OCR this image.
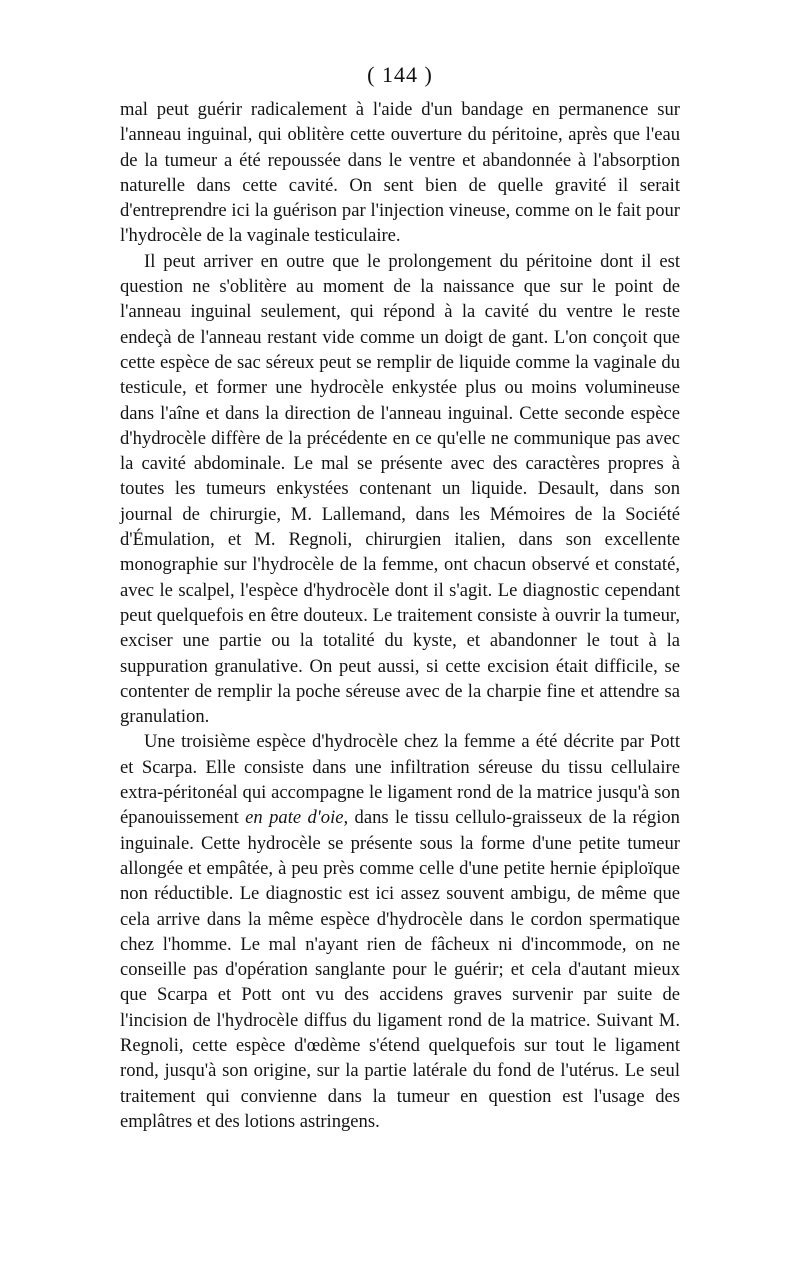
( 144 )

mal peut guérir radicalement à l'aide d'un bandage en permanence sur l'anneau inguinal, qui oblitère cette ouverture du péritoine, après que l'eau de la tumeur a été repoussée dans le ventre et abandonnée à l'absorption naturelle dans cette cavité. On sent bien de quelle gravité il serait d'entreprendre ici la guérison par l'injection vineuse, comme on le fait pour l'hydrocèle de la vaginale testiculaire.

Il peut arriver en outre que le prolongement du péritoine dont il est question ne s'oblitère au moment de la naissance que sur le point de l'anneau inguinal seulement, qui répond à la cavité du ventre le reste endeçà de l'anneau restant vide comme un doigt de gant. L'on conçoit que cette espèce de sac séreux peut se remplir de liquide comme la vaginale du testicule, et former une hydrocèle enkystée plus ou moins volumineuse dans l'aîne et dans la direction de l'anneau inguinal. Cette seconde espèce d'hydrocèle diffère de la précédente en ce qu'elle ne communique pas avec la cavité abdominale. Le mal se présente avec des caractères propres à toutes les tumeurs enkystées contenant un liquide. Desault, dans son journal de chirurgie, M. Lallemand, dans les Mémoires de la Société d'Émulation, et M. Regnoli, chirurgien italien, dans son excellente monographie sur l'hydrocèle de la femme, ont chacun observé et constaté, avec le scalpel, l'espèce d'hydrocèle dont il s'agit. Le diagnostic cependant peut quelquefois en être douteux. Le traitement consiste à ouvrir la tumeur, exciser une partie ou la totalité du kyste, et abandonner le tout à la suppuration granulative. On peut aussi, si cette excision était difficile, se contenter de remplir la poche séreuse avec de la charpie fine et attendre sa granulation.

Une troisième espèce d'hydrocèle chez la femme a été décrite par Pott et Scarpa. Elle consiste dans une infiltration séreuse du tissu cellulaire extra-péritonéal qui accompagne le ligament rond de la matrice jusqu'à son épanouissement en pate d'oie, dans le tissu cellulo-graisseux de la région inguinale. Cette hydrocèle se présente sous la forme d'une petite tumeur allongée et empâtée, à peu près comme celle d'une petite hernie épiploïque non réductible. Le diagnostic est ici assez souvent ambigu, de même que cela arrive dans la même espèce d'hydrocèle dans le cordon spermatique chez l'homme. Le mal n'ayant rien de fâcheux ni d'incommode, on ne conseille pas d'opération sanglante pour le guérir; et cela d'autant mieux que Scarpa et Pott ont vu des accidens graves survenir par suite de l'incision de l'hydrocèle diffus du ligament rond de la matrice. Suivant M. Regnoli, cette espèce d'œdème s'étend quelquefois sur tout le ligament rond, jusqu'à son origine, sur la partie latérale du fond de l'utérus. Le seul traitement qui convienne dans la tumeur en question est l'usage des emplâtres et des lotions astringens.
